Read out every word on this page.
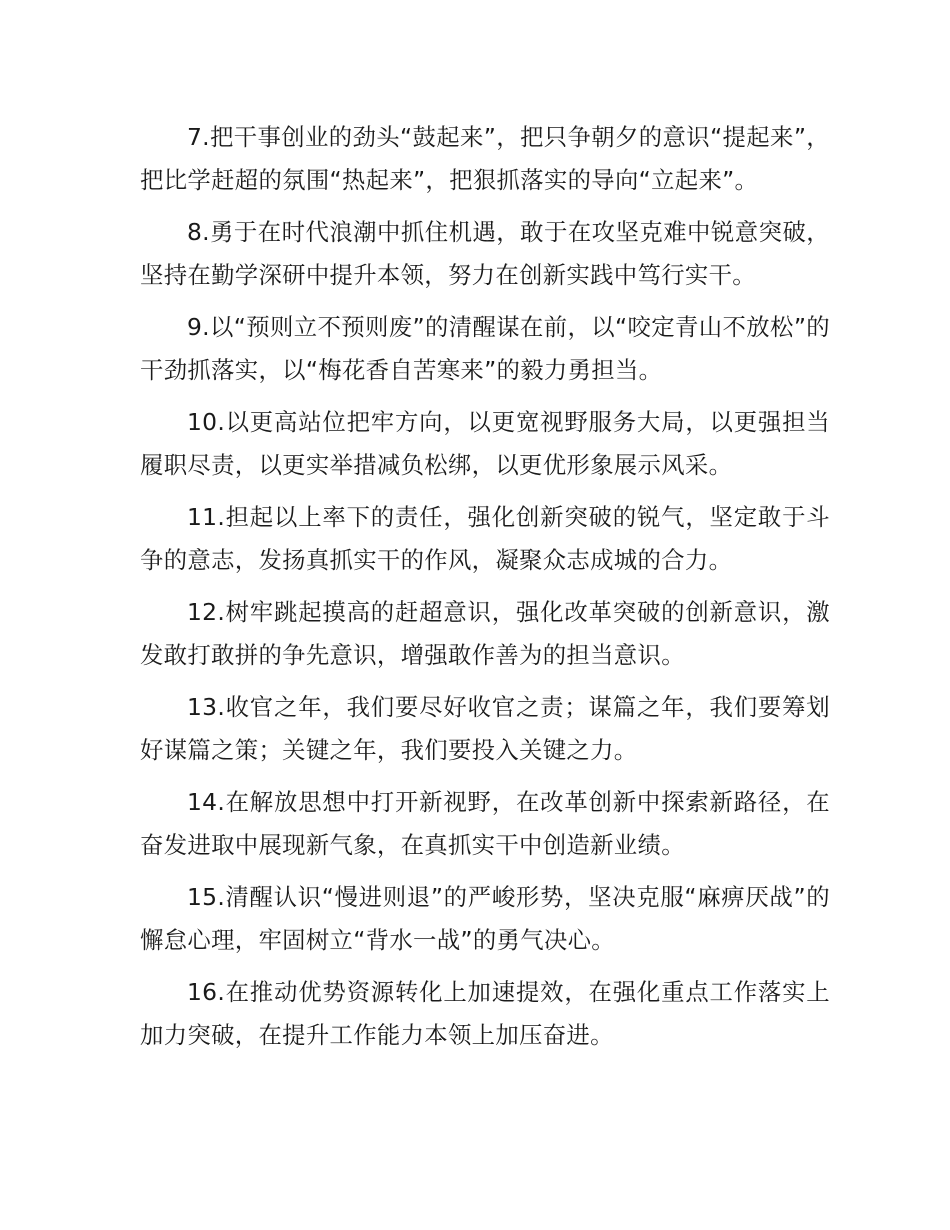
7.把干事创业的劲头“鼓起来”，把只争朝夕的意识“提起来”，把比学赶超的氛围“热起来”，把狠抓落实的导向“立起来”。

8.勇于在时代浪潮中抓住机遇，敢于在攻坚克难中锐意突破，坚持在勤学深研中提升本领，努力在创新实践中笃行实干。

9.以“预则立不预则废”的清醒谋在前，以“咬定青山不放松”的干劲抓落实，以“梅花香自苦寒来”的毅力勇担当。

10.以更高站位把牢方向，以更宽视野服务大局，以更强担当履职尽责，以更实举措减负松绑，以更优形象展示风采。

11.担起以上率下的责任，强化创新突破的锐气，坚定敢于斗争的意志，发扬真抓实干的作风，凝聚众志成城的合力。

12.树牢跳起摸高的赶超意识，强化改革突破的创新意识，激发敢打敢拼的争先意识，增强敢作善为的担当意识。

13.收官之年，我们要尽好收官之责；谋篇之年，我们要筹划好谋篇之策；关键之年，我们要投入关键之力。

14.在解放思想中打开新视野，在改革创新中探索新路径，在奋发进取中展现新气象，在真抓实干中创造新业绩。

15.清醒认识“慢进则退”的严峻形势，坚决克服“麻痹厌战”的懈怠心理，牢固树立“背水一战”的勇气决心。

16.在推动优势资源转化上加速提效，在强化重点工作落实上加力突破，在提升工作能力本领上加压奋进。
